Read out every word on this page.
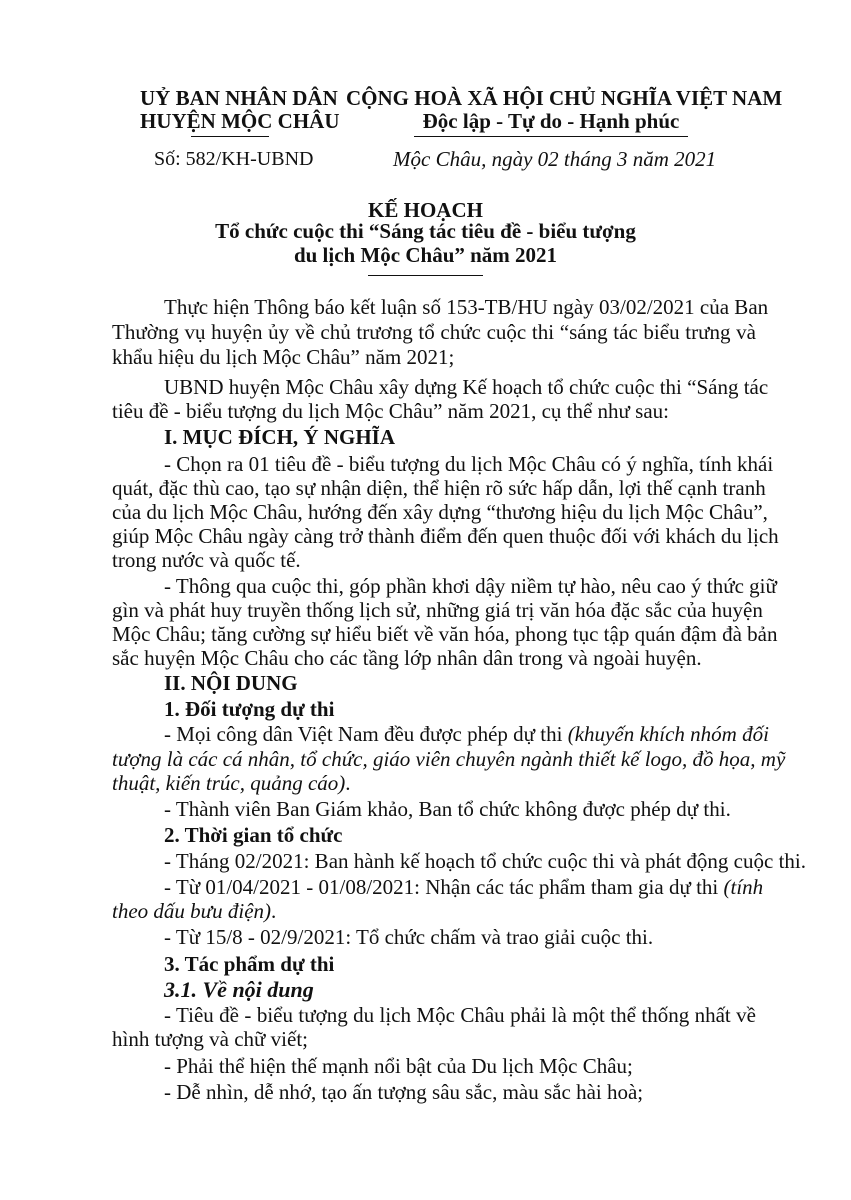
UỶ BAN NHÂN DÂN
HUYỆN MỘC CHÂU
CỘNG HOÀ XÃ HỘI CHỦ NGHĨA VIỆT NAM
Độc lập - Tự do - Hạnh phúc
Số: 582/KH-UBND	Mộc Châu, ngày 02 tháng 3 năm 2021
KẾ HOẠCH
Tổ chức cuộc thi “Sáng tác tiêu đề - biểu tượng
du lịch Mộc Châu” năm 2021
Thực hiện Thông báo kết luận số 153-TB/HU ngày 03/02/2021 của Ban
Thường vụ huyện ủy về chủ trương tổ chức cuộc thi “sáng tác biểu trưng và
khẩu hiệu du lịch Mộc Châu” năm 2021;
UBND huyện Mộc Châu xây dựng Kế hoạch tổ chức cuộc thi “Sáng tác
tiêu đề - biểu tượng du lịch Mộc Châu” năm 2021, cụ thể như sau:
I. MỤC ĐÍCH, Ý NGHĨA
- Chọn ra 01 tiêu đề - biểu tượng du lịch Mộc Châu có ý nghĩa, tính khái
quát, đặc thù cao, tạo sự nhận diện, thể hiện rõ sức hấp dẫn, lợi thế cạnh tranh
của du lịch Mộc Châu, hướng đến xây dựng “thương hiệu du lịch Mộc Châu”,
giúp Mộc Châu ngày càng trở thành điểm đến quen thuộc đối với khách du lịch
trong nước và quốc tế.
- Thông qua cuộc thi, góp phần khơi dậy niềm tự hào, nêu cao ý thức giữ
gìn và phát huy truyền thống lịch sử, những giá trị văn hóa đặc sắc của huyện
Mộc Châu; tăng cường sự hiểu biết về văn hóa, phong tục tập quán đậm đà bản
sắc huyện Mộc Châu cho các tầng lớp nhân dân trong và ngoài huyện.
II. NỘI DUNG
1. Đối tượng dự thi
- Mọi công dân Việt Nam đều được phép dự thi (khuyến khích nhóm đối
tượng là các cá nhân, tổ chức, giáo viên chuyên ngành thiết kế logo, đồ họa, mỹ
thuật, kiến trúc, quảng cáo).
- Thành viên Ban Giám khảo, Ban tổ chức không được phép dự thi.
2. Thời gian tổ chức
- Tháng 02/2021: Ban hành kế hoạch tổ chức cuộc thi và phát động cuộc thi.
- Từ 01/04/2021 - 01/08/2021: Nhận các tác phẩm tham gia dự thi (tính
theo dấu bưu điện).
- Từ 15/8 - 02/9/2021: Tổ chức chấm và trao giải cuộc thi.
3. Tác phẩm dự thi
3.1. Về nội dung
- Tiêu đề - biểu tượng du lịch Mộc Châu phải là một thể thống nhất về
hình tượng và chữ viết;
- Phải thể hiện thế mạnh nổi bật của Du lịch Mộc Châu;
- Dễ nhìn, dễ nhớ, tạo ấn tượng sâu sắc, màu sắc hài hoà;
